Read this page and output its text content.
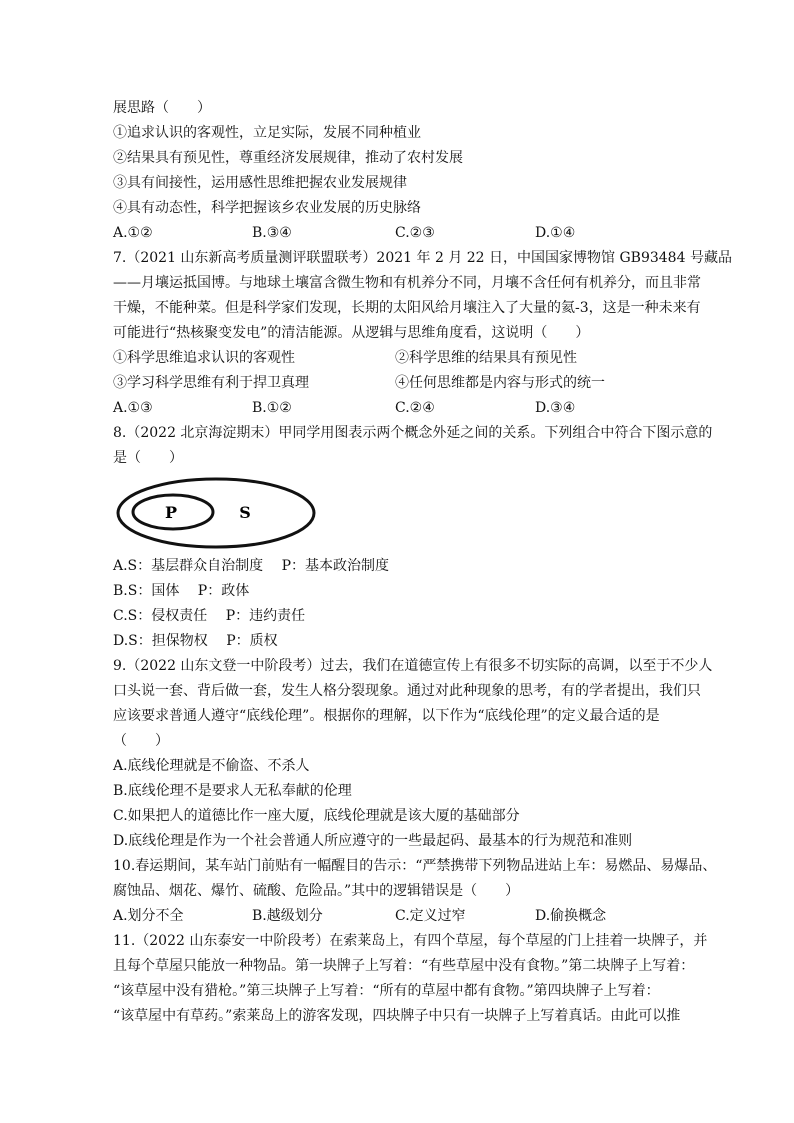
展思路（　　）
①追求认识的客观性，立足实际，发展不同种植业
②结果具有预见性，尊重经济发展规律，推动了农村发展
③具有间接性，运用感性思维把握农业发展规律
④具有动态性，科学把握该乡农业发展的历史脉络
A.①②	B.③④	C.②③	D.①④
7.（2021 山东新高考质量测评联盟联考）2021 年 2 月 22 日，中国国家博物馆 GB93484 号藏品
——月壤运抵国博。与地球土壤富含微生物和有机养分不同，月壤不含任何有机养分，而且非常
干燥，不能种菜。但是科学家们发现，长期的太阳风给月壤注入了大量的氦-3，这是一种未来有
可能进行“热核聚变发电”的清洁能源。从逻辑与思维角度看，这说明（　　）
①科学思维追求认识的客观性	②科学思维的结果具有预见性
③学习科学思维有利于捍卫真理	④任何思维都是内容与形式的统一
A.①③	B.①②	C.②④	D.③④
8.（2022 北京海淀期末）甲同学用图表示两个概念外延之间的关系。下列组合中符合下图示意的
是（　　）
P	S
A.S：基层群众自治制度　 P：基本政治制度
B.S：国体　 P：政体
C.S：侵权责任　 P：违约责任
D.S：担保物权　 P：质权
9.（2022 山东文登一中阶段考）过去，我们在道德宣传上有很多不切实际的高调，以至于不少人
口头说一套、背后做一套，发生人格分裂现象。通过对此种现象的思考，有的学者提出，我们只
应该要求普通人遵守“底线伦理”。根据你的理解，以下作为“底线伦理”的定义最合适的是
（　　）
A.底线伦理就是不偷盗、不杀人
B.底线伦理不是要求人无私奉献的伦理
C.如果把人的道德比作一座大厦，底线伦理就是该大厦的基础部分
D.底线伦理是作为一个社会普通人所应遵守的一些最起码、最基本的行为规范和准则
10.春运期间，某车站门前贴有一幅醒目的告示：“严禁携带下列物品进站上车：易燃品、易爆品、
腐蚀品、烟花、爆竹、硫酸、危险品。”其中的逻辑错误是（　　）
A.划分不全	B.越级划分	C.定义过窄	D.偷换概念
11.（2022 山东泰安一中阶段考）在索莱岛上，有四个草屋，每个草屋的门上挂着一块牌子，并
且每个草屋只能放一种物品。第一块牌子上写着：“有些草屋中没有食物。”第二块牌子上写着：
“该草屋中没有猎枪。”第三块牌子上写着：“所有的草屋中都有食物。”第四块牌子上写着：
“该草屋中有草药。”索莱岛上的游客发现，四块牌子中只有一块牌子上写着真话。由此可以推
